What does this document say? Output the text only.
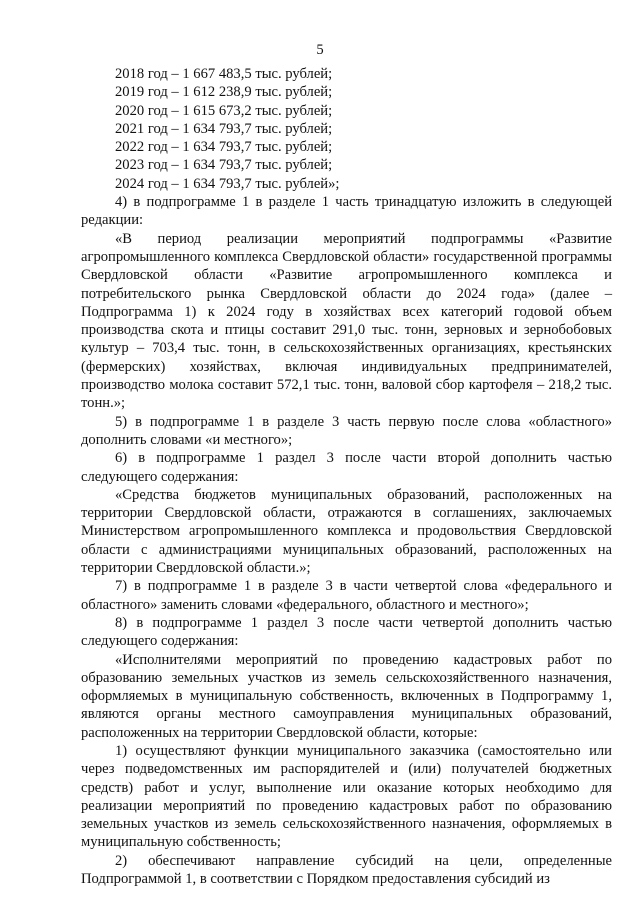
5
2018 год – 1 667 483,5 тыс. рублей;
2019 год – 1 612 238,9 тыс. рублей;
2020 год – 1 615 673,2 тыс. рублей;
2021 год – 1 634 793,7 тыс. рублей;
2022 год – 1 634 793,7 тыс. рублей;
2023 год – 1 634 793,7 тыс. рублей;
2024 год – 1 634 793,7 тыс. рублей»;

4) в подпрограмме 1 в разделе 1 часть тринадцатую изложить в следующей редакции:

«В период реализации мероприятий подпрограммы «Развитие агропромышленного комплекса Свердловской области» государственной программы Свердловской области «Развитие агропромышленного комплекса и потребительского рынка Свердловской области до 2024 года» (далее – Подпрограмма 1) к 2024 году в хозяйствах всех категорий годовой объем производства скота и птицы составит 291,0 тыс. тонн, зерновых и зернобобовых культур – 703,4 тыс. тонн, в сельскохозяйственных организациях, крестьянских (фермерских) хозяйствах, включая индивидуальных предпринимателей, производство молока составит 572,1 тыс. тонн, валовой сбор картофеля – 218,2 тыс. тонн.»;

5) в подпрограмме 1 в разделе 3 часть первую после слова «областного» дополнить словами «и местного»;

6) в подпрограмме 1 раздел 3 после части второй дополнить частью следующего содержания:

«Средства бюджетов муниципальных образований, расположенных на территории Свердловской области, отражаются в соглашениях, заключаемых Министерством агропромышленного комплекса и продовольствия Свердловской области с администрациями муниципальных образований, расположенных на территории Свердловской области.»;

7) в подпрограмме 1 в разделе 3 в части четвертой слова «федерального и областного» заменить словами «федерального, областного и местного»;

8) в подпрограмме 1 раздел 3 после части четвертой дополнить частью следующего содержания:

«Исполнителями мероприятий по проведению кадастровых работ по образованию земельных участков из земель сельскохозяйственного назначения, оформляемых в муниципальную собственность, включенных в Подпрограмму 1, являются органы местного самоуправления муниципальных образований, расположенных на территории Свердловской области, которые:

1) осуществляют функции муниципального заказчика (самостоятельно или через подведомственных им распорядителей и (или) получателей бюджетных средств) работ и услуг, выполнение или оказание которых необходимо для реализации мероприятий по проведению кадастровых работ по образованию земельных участков из земель сельскохозяйственного назначения, оформляемых в муниципальную собственность;

2) обеспечивают направление субсидий на цели, определенные Подпрограммой 1, в соответствии с Порядком предоставления субсидий из
